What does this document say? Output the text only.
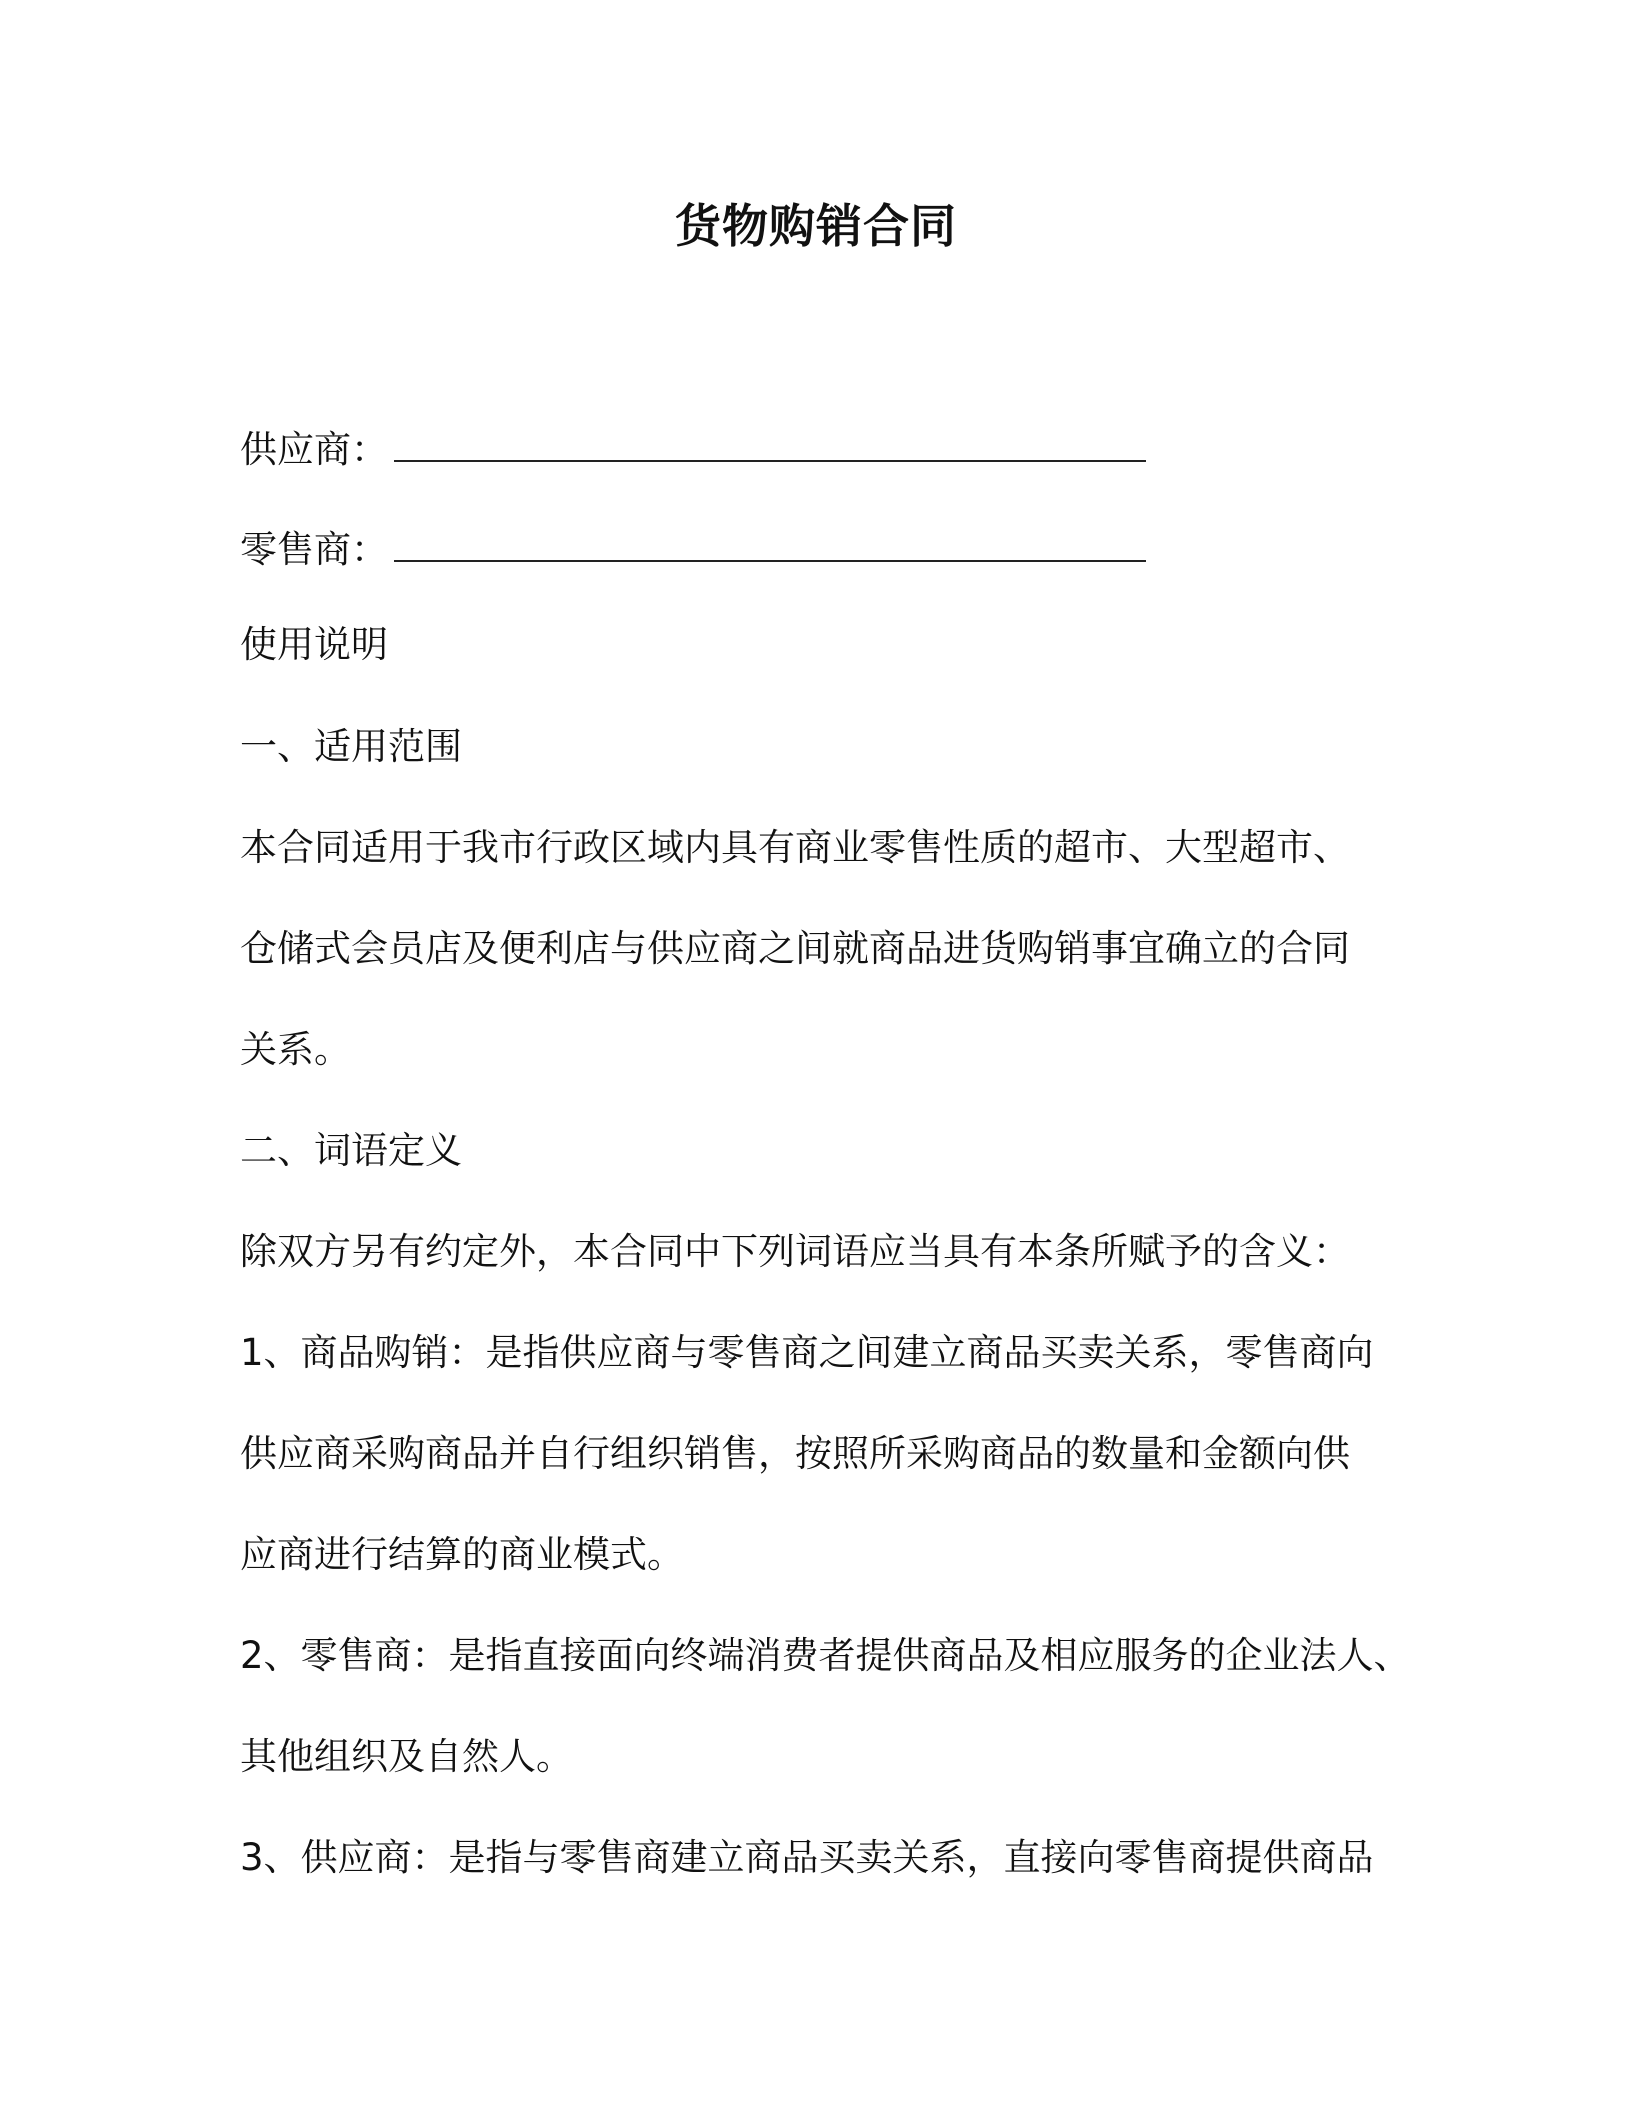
货物购销合同
供应商：
零售商：
使用说明
一、适用范围
本合同适用于我市行政区域内具有商业零售性质的超市、大型超市、
仓储式会员店及便利店与供应商之间就商品进货购销事宜确立的合同
关系。
二、词语定义
除双方另有约定外，本合同中下列词语应当具有本条所赋予的含义：
1、商品购销：是指供应商与零售商之间建立商品买卖关系，零售商向
供应商采购商品并自行组织销售，按照所采购商品的数量和金额向供
应商进行结算的商业模式。
2、零售商：是指直接面向终端消费者提供商品及相应服务的企业法人、
其他组织及自然人。
3、供应商：是指与零售商建立商品买卖关系，直接向零售商提供商品
